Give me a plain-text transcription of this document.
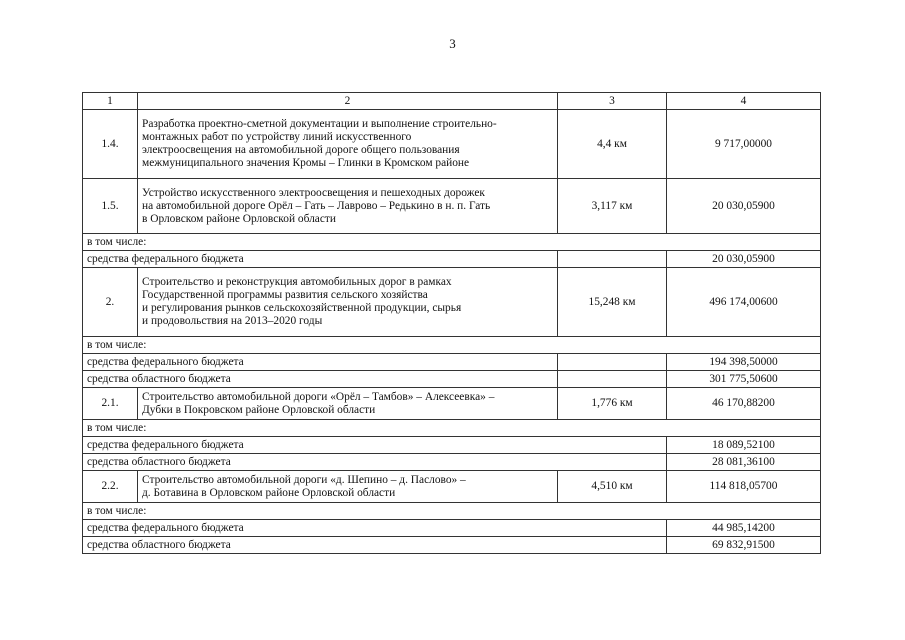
3
1	2	3	4
1.4.	Разработка проектно-сметной документации и выполнение строительно-
монтажных работ по устройству линий искусственного
электроосвещения на автомобильной дороге общего пользования
межмуниципального значения Кромы – Глинки в Кромском районе	4,4 км	9 717,00000
1.5.	Устройство искусственного электроосвещения и пешеходных дорожек
на автомобильной дороге Орёл – Гать – Лаврово – Редькино в н. п. Гать
в Орловском районе Орловской области	3,117 км	20 030,05900
в том числе:			
средства федерального бюджета			20 030,05900
2.	Строительство и реконструкция автомобильных дорог в рамках
Государственной программы развития сельского хозяйства
и регулирования рынков сельскохозяйственной продукции, сырья
и продовольствия на 2013–2020 годы	15,248 км	496 174,00600
в том числе:			
средства федерального бюджета			194 398,50000
средства областного бюджета			301 775,50600
2.1.	Строительство автомобильной дороги «Орёл – Тамбов» – Алексеевка» –
Дубки в Покровском районе Орловской области	1,776 км	46 170,88200
в том числе:			
средства федерального бюджета			18 089,52100
средства областного бюджета			28 081,36100
2.2.	Строительство автомобильной дороги «д. Шепино – д. Паслово» –
д. Ботавина в Орловском районе Орловской области	4,510 км	114 818,05700
в том числе:			
средства федерального бюджета			44 985,14200
средства областного бюджета			69 832,91500
